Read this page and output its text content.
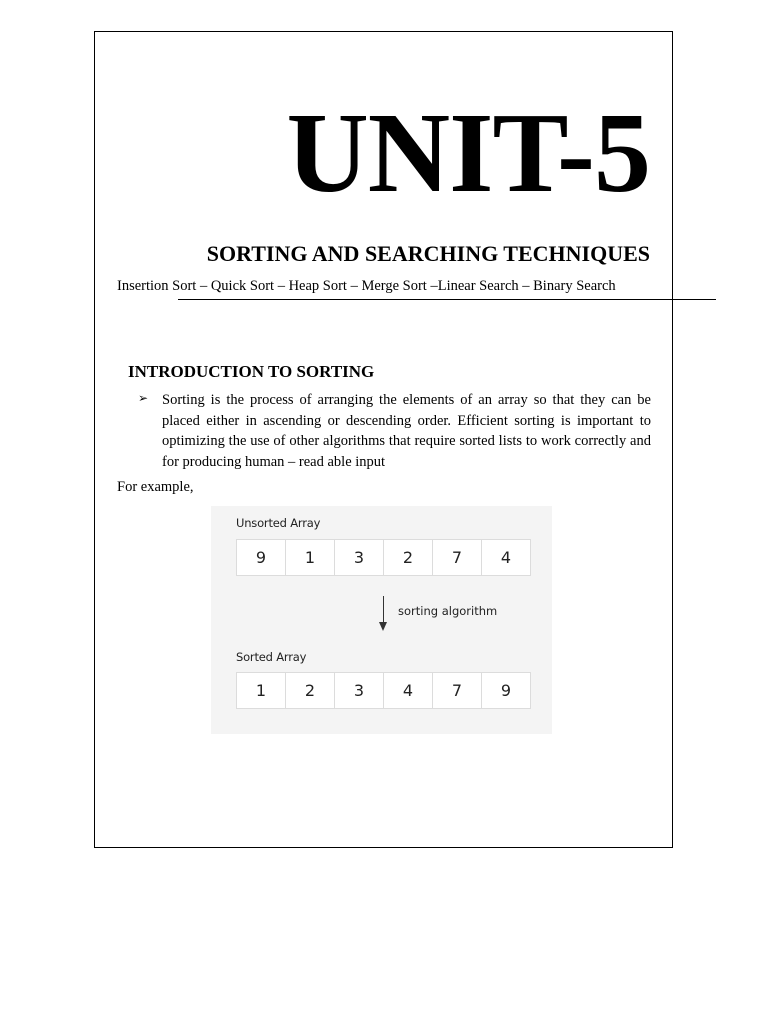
UNIT-5
SORTING AND SEARCHING TECHNIQUES
Insertion Sort – Quick Sort – Heap Sort – Merge Sort –Linear Search – Binary Search
INTRODUCTION TO SORTING
➢ Sorting is the process of arranging the elements of an array so that they can be placed either in ascending or descending order. Efficient sorting is important to optimizing the use of other algorithms that require sorted lists to work correctly and for producing human – read able input
For example,
Unsorted Array
9	1	3	2	7	4
sorting algorithm
Sorted Array
1	2	3	4	7	9
